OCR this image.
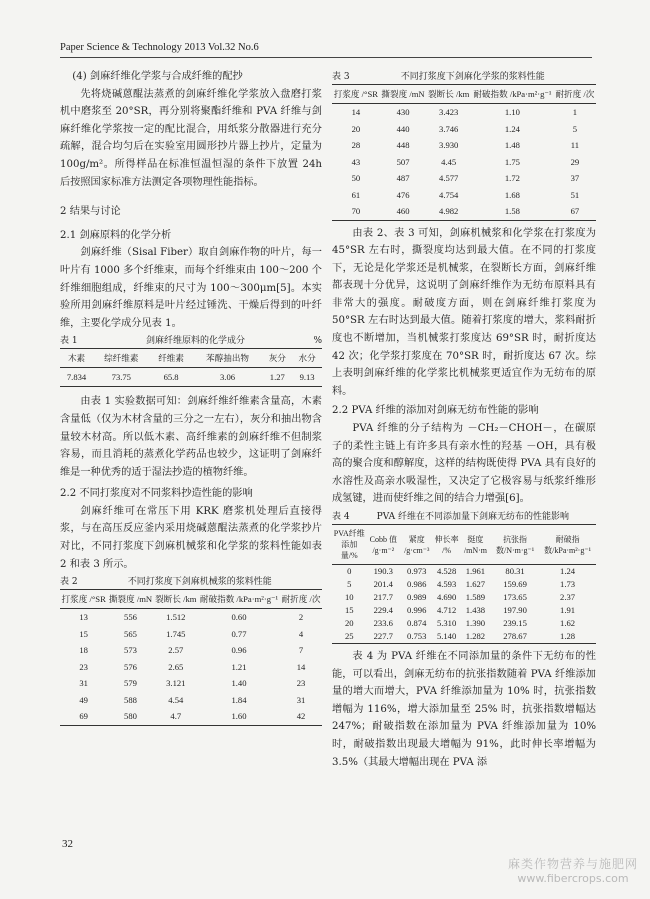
Paper Science & Technology 2013 Vol.32 No.6
(4) 剑麻纤维化学浆与合成纤维的配抄

先将烧碱蒽醌法蒸煮的剑麻纤维化学浆放入盘磨打浆机中磨浆至 20°SR，再分别将聚酯纤维和 PVA 纤维与剑麻纤维化学浆按一定的配比混合，用纸浆分散器进行充分疏解，混合均匀后在实验室用圆形抄片器上抄片，定量为 100g/m²。所得样品在标准恒温恒湿的条件下放置 24h 后按照国家标准方法测定各项物理性能指标。

2 结果与讨论
2.1 剑麻原料的化学分析

剑麻纤维（Sisal Fiber）取自剑麻作物的叶片，每一叶片有 1000 多个纤维束，而每个纤维束由 100～200 个纤维细胞组成，纤维束的尺寸为 100～300μm[5]。本实验所用剑麻纤维原料是叶片经过锤洗、干燥后得到的叶纤维，主要化学成分见表 1。

表 1	剑麻纤维原料的化学成分	%
木素	综纤维素	纤维素	苯醇抽出物	灰分	水分
7.834	73.75	65.8	3.06	1.27	9.13

由表 1 实验数据可知：剑麻纤维纤维素含量高，木素含量低（仅为木材含量的三分之一左右），灰分和抽出物含量较木材高。所以低木素、高纤维素的剑麻纤维不但制浆容易，而且消耗的蒸煮化学药品也较少，这证明了剑麻纤维是一种优秀的适于湿法抄造的植物纤维。

2.2 不同打浆度对不同浆料抄造性能的影响

剑麻纤维可在常压下用 KRK 磨浆机处理后直接得浆，与在高压反应釜内采用烧碱蒽醌法蒸煮的化学浆抄片对比，不同打浆度下剑麻机械浆和化学浆的浆料性能如表 2 和表 3 所示。

表 2	不同打浆度下剑麻机械浆的浆料性能
打浆度 /°SR	撕裂度 /mN	裂断长 /km	耐破指数 /kPa·m²·g⁻¹	耐折度 /次
13	556	1.512	0.60	2
15	565	1.745	0.77	4
18	573	2.57	0.96	7
23	576	2.65	1.21	14
31	579	3.121	1.40	23
49	588	4.54	1.84	31
69	580	4.7	1.60	42
表 3	不同打浆度下剑麻化学浆的浆料性能
打浆度 /°SR	撕裂度 /mN	裂断长 /km	耐破指数 /kPa·m²·g⁻¹	耐折度 /次
14	430	3.423	1.10	1
20	440	3.746	1.24	5
28	448	3.930	1.48	11
43	507	4.45	1.75	29
50	487	4.577	1.72	37
61	476	4.754	1.68	51
70	460	4.982	1.58	67

由表 2、表 3 可知，剑麻机械浆和化学浆在打浆度为 45°SR 左右时，撕裂度均达到最大值。在不同的打浆度下，无论是化学浆还是机械浆，在裂断长方面，剑麻纤维都表现十分优异，这说明了剑麻纤维作为无纺布原料具有非常大的强度。耐破度方面，则在剑麻纤维打浆度为 50°SR 左右时达到最大值。随着打浆度的增大，浆料耐折度也不断增加，当机械浆打浆度达 69°SR 时，耐折度达 42 次；化学浆打浆度在 70°SR 时，耐折度达 67 次。综上表明剑麻纤维的化学浆比机械浆更适宜作为无纺布的原料。

2.2 PVA 纤维的添加对剑麻无纺布性能的影响

PVA 纤维的分子结构为 －CH₂－CHOH－，在碳原子的柔性主链上有许多具有亲水性的羟基 －OH，具有极高的聚合度和醇解度，这样的结构既使得 PVA 具有良好的水溶性及高亲水吸湿性，又决定了它极容易与纸浆纤维形成氢键，进而使纤维之间的结合力增强[6]。

表 4	PVA 纤维在不同添加量下剑麻无纺布的性能影响
PVA纤维添加量/%	Cobb 值 /g·m⁻²	紧度 /g·cm⁻³	伸长率 /%	挺度 /mN·m	抗张指数/N·m·g⁻¹	耐破指数/kPa·m²·g⁻¹
0	190.3	0.973	4.528	1.961	80.31	1.24
5	201.4	0.986	4.593	1.627	159.69	1.73
10	217.7	0.989	4.690	1.589	173.65	2.37
15	229.4	0.996	4.712	1.438	197.90	1.91
20	233.6	0.874	5.310	1.390	239.15	1.62
25	227.7	0.753	5.140	1.282	278.67	1.28

表 4 为 PVA 纤维在不同添加量的条件下无纺布的性能，可以看出，剑麻无纺布的抗张指数随着 PVA 纤维添加量的增大而增大，PVA 纤维添加量为 10% 时，抗张指数增幅为 116%，增大添加量至 25% 时，抗张指数增幅达 247%；耐破指数在添加量为 PVA 纤维添加量为 10% 时，耐破指数出现最大增幅为 91%，此时伸长率增幅为 3.5%（其最大增幅出现在 PVA 添

32
麻类作物营养与施肥网
www.fibercrops.com
